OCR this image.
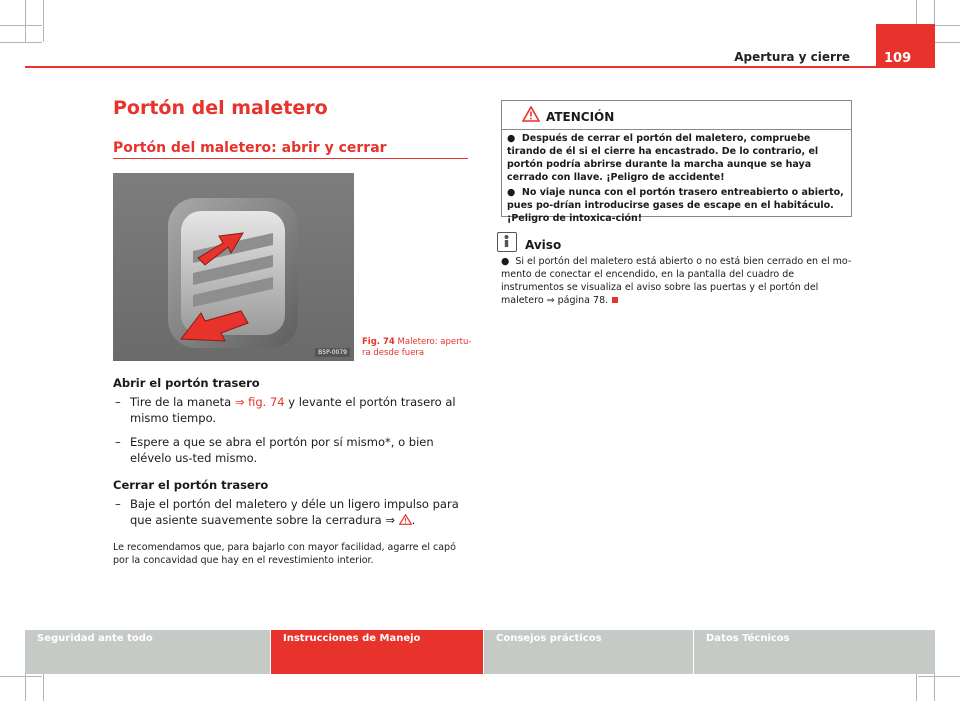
Apertura y cierre	109
Portón del maletero
Portón del maletero: abrir y cerrar
B5P-0079
Fig. 74 Maletero: apertu-ra desde fuera
Abrir el portón trasero
– Tire de la maneta ⇒ fig. 74 y levante el portón trasero al mismo tiempo.
– Espere a que se abra el portón por sí mismo*, o bien elévelo us-ted mismo.
Cerrar el portón trasero
– Baje el portón del maletero y déle un ligero impulso para que asiente suavemente sobre la cerradura ⇒ .
Le recomendamos que, para bajarlo con mayor facilidad, agarre el capó por la concavidad que hay en el revestimiento interior.
ATENCIÓN
●  Después de cerrar el portón del maletero, compruebe tirando de él si el cierre ha encastrado. De lo contrario, el portón podría abrirse durante la marcha aunque se haya cerrado con llave. ¡Peligro de accidente!
●  No viaje nunca con el portón trasero entreabierto o abierto, pues po-drían introducirse gases de escape en el habitáculo. ¡Peligro de intoxica-ción!
Aviso
●  Si el portón del maletero está abierto o no está bien cerrado en el mo-mento de conectar el encendido, en la pantalla del cuadro de instrumentos se visualiza el aviso sobre las puertas y el portón del maletero ⇒ página 78.
Seguridad ante todo	Instrucciones de Manejo	Consejos prácticos	Datos Técnicos
